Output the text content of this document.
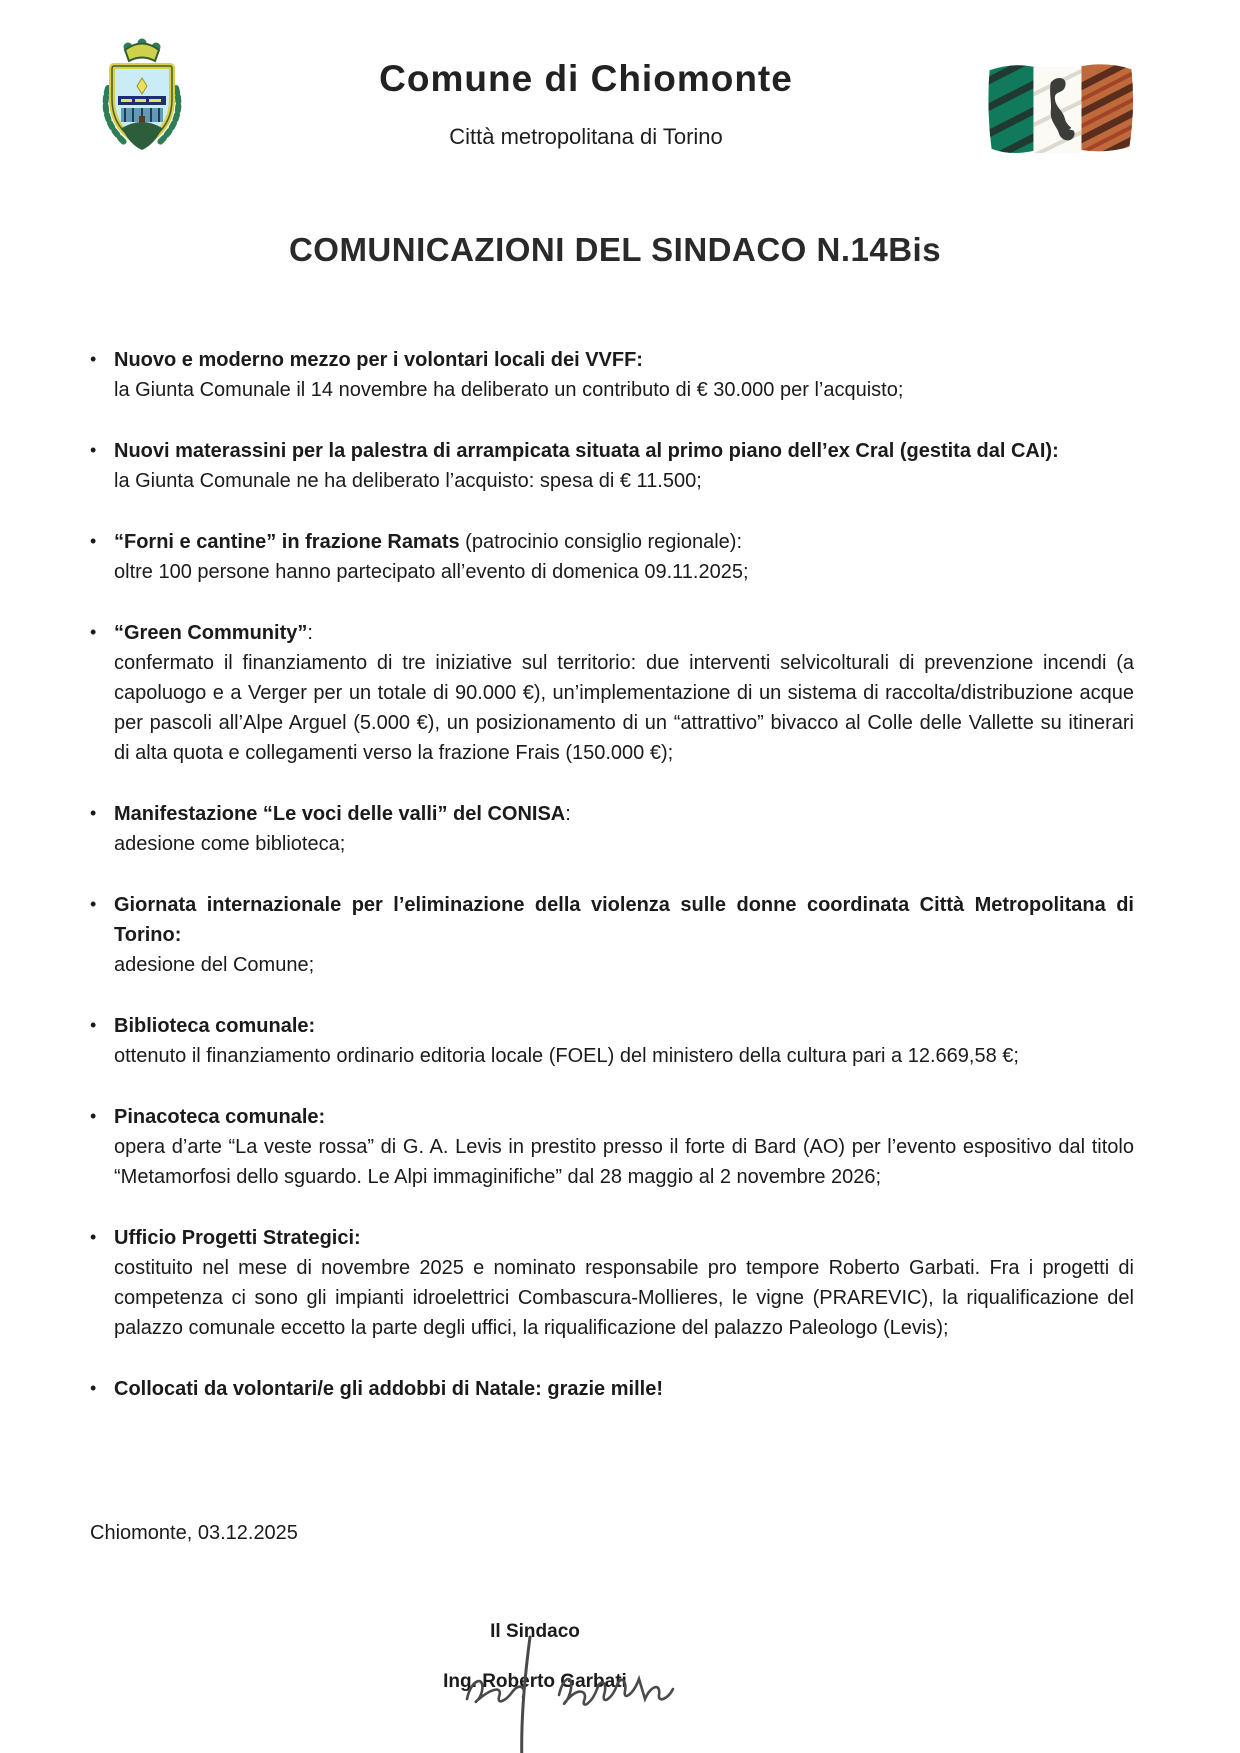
Comune di Chiomonte
Città metropolitana di Torino
COMUNICAZIONI DEL SINDACO N.14Bis

• Nuovo e moderno mezzo per i volontari locali dei VVFF:

la Giunta Comunale il 14 novembre ha deliberato un contributo di € 30.000 per l’acquisto;

• Nuovi materassini per la palestra di arrampicata situata al primo piano dell’ex Cral (gestita dal CAI):

la Giunta Comunale ne ha deliberato l’acquisto: spesa di € 11.500;

• “Forni e cantine” in frazione Ramats (patrocinio consiglio regionale):

oltre 100 persone hanno partecipato all’evento di domenica 09.11.2025;

• “Green Community”:

confermato il finanziamento di tre iniziative sul territorio: due interventi selvicolturali di prevenzione incendi (a capoluogo e a Verger per un totale di 90.000 €), un’implementazione di un sistema di raccolta/distribuzione acque per pascoli all’Alpe Arguel (5.000 €), un posizionamento di un “attrattivo” bivacco al Colle delle Vallette su itinerari di alta quota e collegamenti verso la frazione Frais (150.000 €);

• Manifestazione “Le voci delle valli” del CONISA:

adesione come biblioteca;

• Giornata internazionale per l’eliminazione della violenza sulle donne coordinata Città Metropolitana di Torino:

adesione del Comune;

• Biblioteca comunale:

ottenuto il finanziamento ordinario editoria locale (FOEL) del ministero della cultura pari a 12.669,58 €;

• Pinacoteca comunale:

opera d’arte “La veste rossa” di G. A. Levis in prestito presso il forte di Bard (AO) per l’evento espositivo dal titolo “Metamorfosi dello sguardo. Le Alpi immaginifiche” dal 28 maggio al 2 novembre 2026;

• Ufficio Progetti Strategici:

costituito nel mese di novembre 2025 e nominato responsabile pro tempore Roberto Garbati. Fra i progetti di competenza ci sono gli impianti idroelettrici Combascura-Mollieres, le vigne (PRAREVIC), la riqualificazione del palazzo comunale eccetto la parte degli uffici, la riqualificazione del palazzo Paleologo (Levis);

• Collocati da volontari/e gli addobbi di Natale: grazie mille!

Chiomonte, 03.12.2025

Il Sindaco

Ing. Roberto Garbati
